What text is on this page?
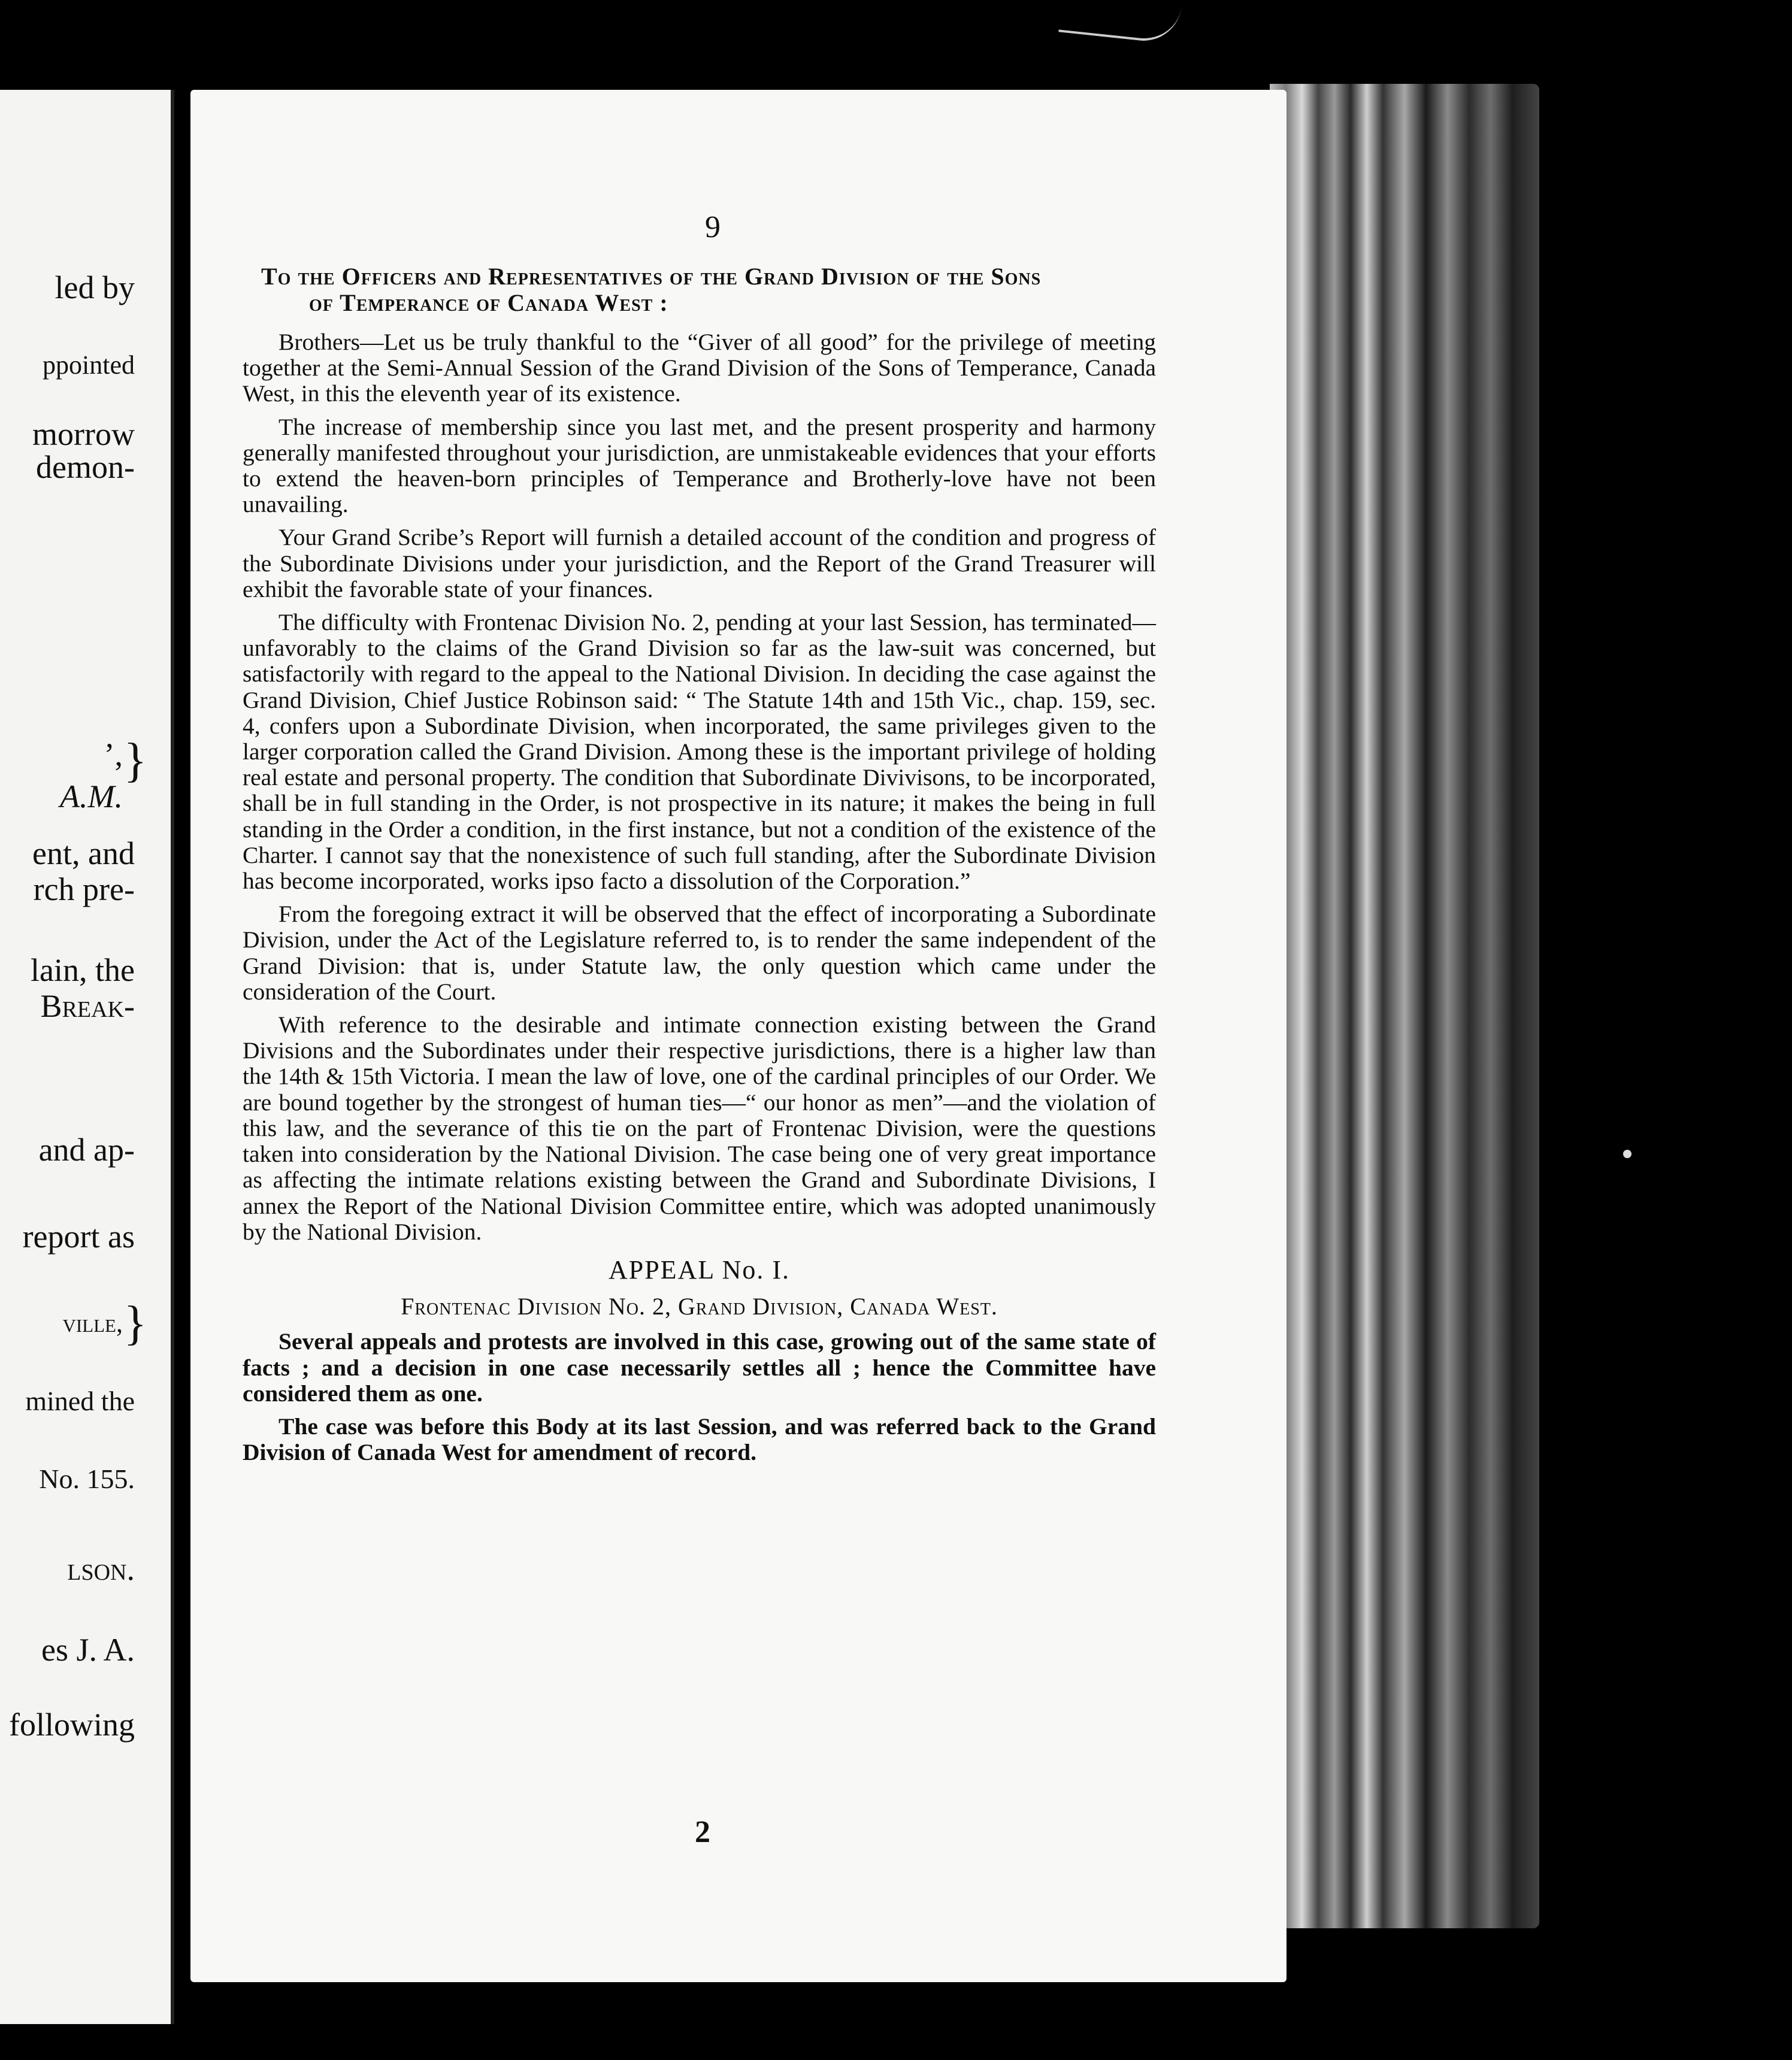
led by
ppointed
morrow
demon-
’, }
A.M.
ent, and
rch pre-
lain, the
Break-
and ap-
report as
ville, }
mined the
No. 155.
lson.
es J. A.
following
9
To the Officers and Representatives of the Grand Division of the Sons
of Temperance of Canada West :

Brothers—Let us be truly thankful to the “Giver of all good” for the privilege of meeting together at the Semi-Annual Session of the Grand Division of the Sons of Temperance, Canada West, in this the eleventh year of its existence.

The increase of membership since you last met, and the present prosperity and harmony generally manifested throughout your jurisdiction, are unmistakeable evidences that your efforts to extend the heaven-born principles of Temperance and Brotherly-love have not been unavailing.

Your Grand Scribe’s Report will furnish a detailed account of the condition and progress of the Subordinate Divisions under your jurisdiction, and the Report of the Grand Treasurer will exhibit the favorable state of your finances.

The difficulty with Frontenac Division No. 2, pending at your last Session, has terminated—unfavorably to the claims of the Grand Division so far as the law-suit was concerned, but satisfactorily with regard to the appeal to the National Division. In deciding the case against the Grand Division, Chief Justice Robinson said: “ The Statute 14th and 15th Vic., chap. 159, sec. 4, confers upon a Subordinate Division, when incorporated, the same privileges given to the larger corporation called the Grand Division. Among these is the important privilege of holding real estate and personal property. The condition that Subordinate Divivisons, to be incorporated, shall be in full standing in the Order, is not prospective in its nature; it makes the being in full standing in the Order a condition, in the first instance, but not a condition of the existence of the Charter. I cannot say that the nonexistence of such full standing, after the Subordinate Division has become incorporated, works ipso facto a dissolution of the Corporation.”

From the foregoing extract it will be observed that the effect of incorporating a Subordinate Division, under the Act of the Legislature referred to, is to render the same independent of the Grand Division: that is, under Statute law, the only question which came under the consideration of the Court.

With reference to the desirable and intimate connection existing between the Grand Divisions and the Subordinates under their respective jurisdictions, there is a higher law than the 14th & 15th Victoria. I mean the law of love, one of the cardinal principles of our Order. We are bound together by the strongest of human ties—“ our honor as men”—and the violation of this law, and the severance of this tie on the part of Frontenac Division, were the questions taken into consideration by the National Division. The case being one of very great importance as affecting the intimate relations existing between the Grand and Subordinate Divisions, I annex the Report of the National Division Committee entire, which was adopted unanimously by the National Division.

APPEAL No. I.
Frontenac Division No. 2, Grand Division, Canada West.

Several appeals and protests are involved in this case, growing out of the same state of facts ; and a decision in one case necessarily settles all ; hence the Committee have considered them as one.

The case was before this Body at its last Session, and was referred back to the Grand Division of Canada West for amendment of record.

2
